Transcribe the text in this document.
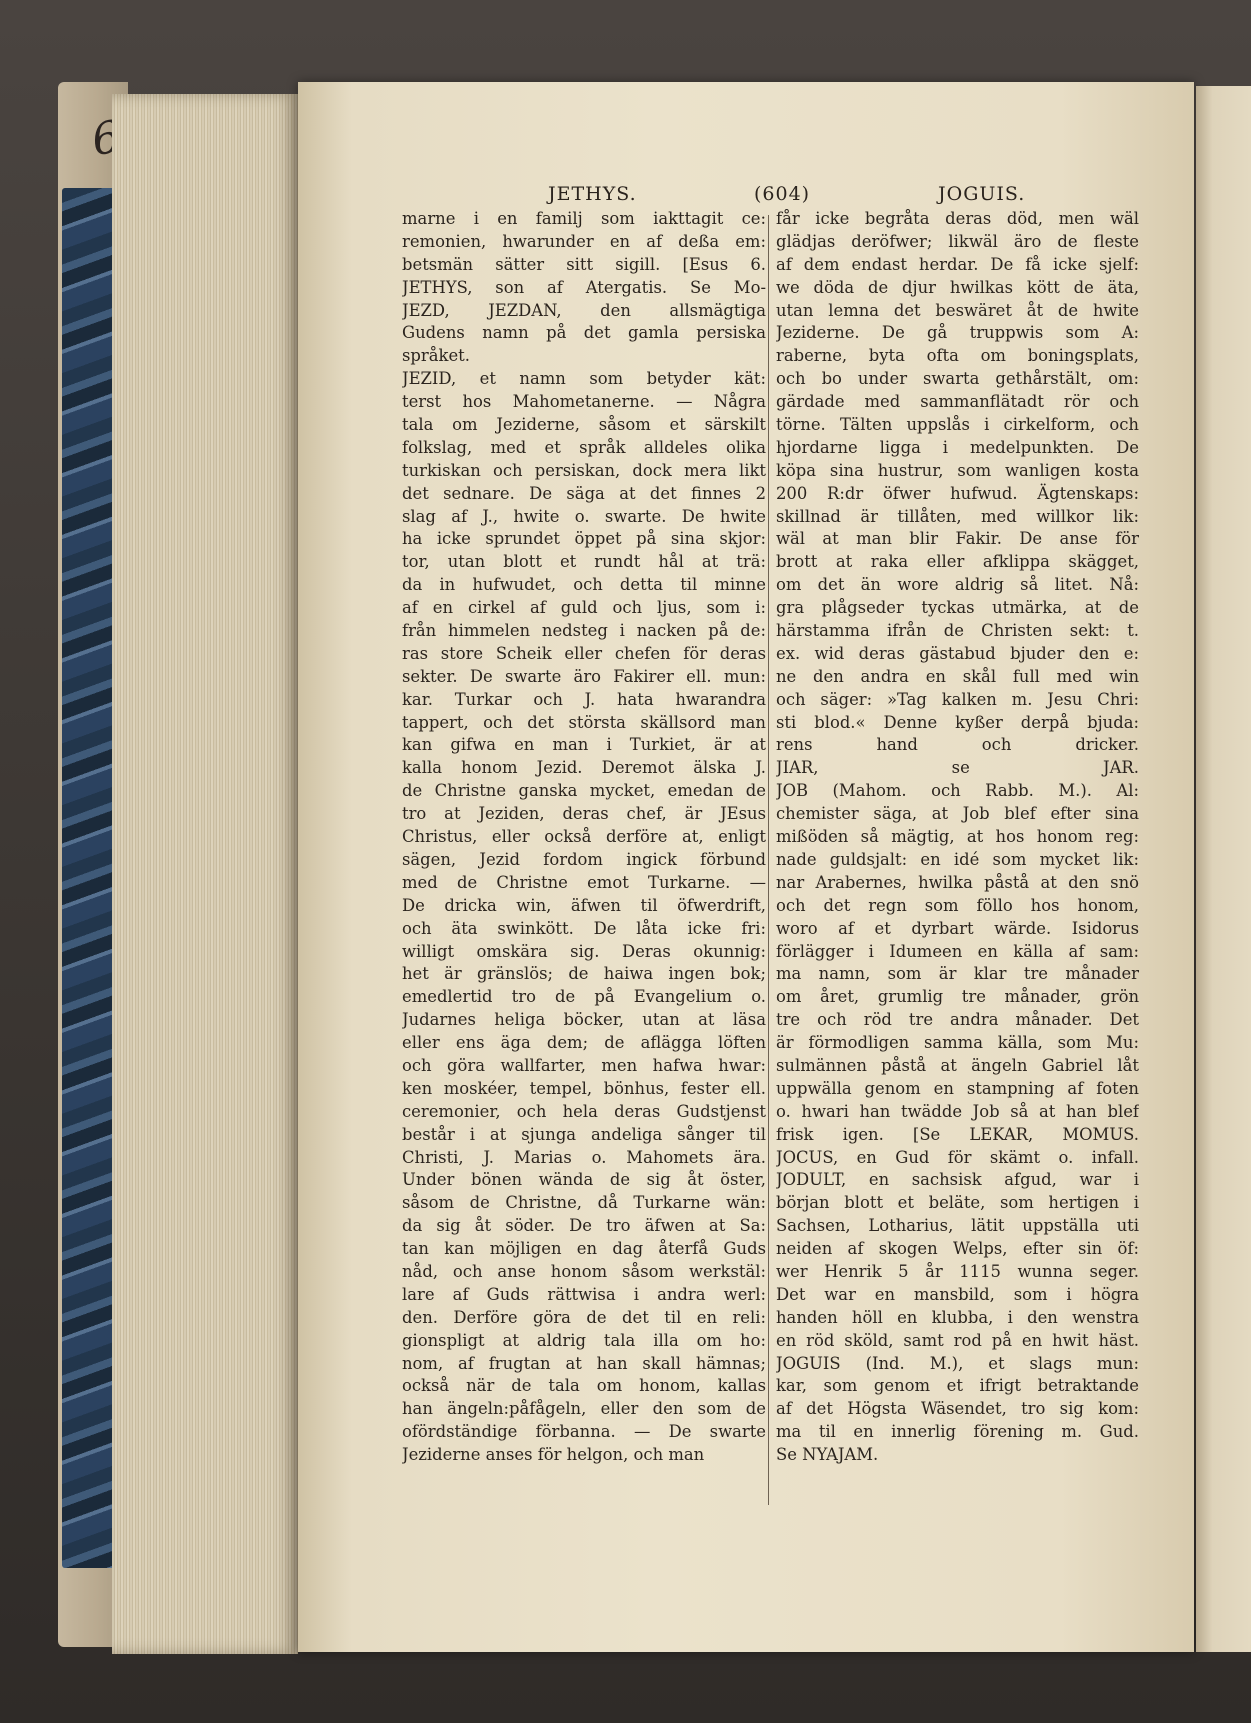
JETHYS.	(604)	JOGUIS.
marne i en familj som iakttagit ce:
remonien, hwarunder en af deßa em:
betsmän sätter sitt sigill. [Esus 6.
JETHYS, son af Atergatis. Se Mo-
JEZD, JEZDAN, den allsmägtiga
Gudens namn på det gamla persiska
språket.
JEZID, et namn som betyder kät:
terst hos Mahometanerne. — Några
tala om Jeziderne, såsom et särskilt
folkslag, med et språk alldeles olika
turkiskan och persiskan, dock mera likt
det sednare. De säga at det finnes 2
slag af J., hwite o. swarte. De hwite
ha icke sprundet öppet på sina skjor:
tor, utan blott et rundt hål at trä:
da in hufwudet, och detta til minne
af en cirkel af guld och ljus, som i:
från himmelen nedsteg i nacken på de:
ras store Scheik eller chefen för deras
sekter. De swarte äro Fakirer ell. mun:
kar. Turkar och J. hata hwarandra
tappert, och det största skällsord man
kan gifwa en man i Turkiet, är at
kalla honom Jezid. Deremot älska J.
de Christne ganska mycket, emedan de
tro at Jeziden, deras chef, är JEsus
Christus, eller också derföre at, enligt
sägen, Jezid fordom ingick förbund
med de Christne emot Turkarne. —
De dricka win, äfwen til öfwerdrift,
och äta swinkött. De låta icke fri:
willigt omskära sig. Deras okunnig:
het är gränslös; de haiwa ingen bok;
emedlertid tro de på Evangelium o.
Judarnes heliga böcker, utan at läsa
eller ens äga dem; de aflägga löften
och göra wallfarter, men hafwa hwar:
ken moskéer, tempel, bönhus, fester ell.
ceremonier, och hela deras Gudstjenst
består i at sjunga andeliga sånger til
Christi, J. Marias o. Mahomets ära.
Under bönen wända de sig åt öster,
såsom de Christne, då Turkarne wän:
da sig åt söder. De tro äfwen at Sa:
tan kan möjligen en dag återfå Guds
nåd, och anse honom såsom werkstäl:
lare af Guds rättwisa i andra werl:
den. Derföre göra de det til en reli:
gionspligt at aldrig tala illa om ho:
nom, af frugtan at han skall hämnas;
också när de tala om honom, kallas
han ängeln:påfågeln, eller den som de
ofördständige förbanna. — De swarte
Jeziderne anses för helgon, och man
får icke begråta deras död, men wäl
glädjas deröfwer; likwäl äro de fleste
af dem endast herdar. De få icke sjelf:
we döda de djur hwilkas kött de äta,
utan lemna det beswäret åt de hwite
Jeziderne. De gå truppwis som A:
raberne, byta ofta om boningsplats,
och bo under swarta gethårstält, om:
gärdade med sammanflätadt rör och
törne. Tälten uppslås i cirkelform, och
hjordarne ligga i medelpunkten. De
köpa sina hustrur, som wanligen kosta
200 R:dr öfwer hufwud. Ägtenskaps:
skillnad är tillåten, med willkor lik:
wäl at man blir Fakir. De anse för
brott at raka eller afklippa skägget,
om det än wore aldrig så litet. Nå:
gra plågseder tyckas utmärka, at de
härstamma ifrån de Christen sekt: t.
ex. wid deras gästabud bjuder den e:
ne den andra en skål full med win
och säger: »Tag kalken m. Jesu Chri:
sti blod.« Denne kyßer derpå bjuda:
rens hand och dricker.
JIAR, se JAR.
JOB (Mahom. och Rabb. M.). Al:
chemister säga, at Job blef efter sina
mißöden så mägtig, at hos honom reg:
nade guldsjalt: en idé som mycket lik:
nar Arabernes, hwilka påstå at den snö
och det regn som föllo hos honom,
woro af et dyrbart wärde. Isidorus
förlägger i Idumeen en källa af sam:
ma namn, som är klar tre månader
om året, grumlig tre månader, grön
tre och röd tre andra månader. Det
är förmodligen samma källa, som Mu:
sulmännen påstå at ängeln Gabriel låt
uppwälla genom en stampning af foten
o. hwari han twädde Job så at han blef
frisk igen. [Se LEKAR, MOMUS.
JOCUS, en Gud för skämt o. infall.
JODULT, en sachsisk afgud, war i
början blott et beläte, som hertigen i
Sachsen, Lotharius, lätit uppställa uti
neiden af skogen Welps, efter sin öf:
wer Henrik 5 år 1115 wunna seger.
Det war en mansbild, som i högra
handen höll en klubba, i den wenstra
en röd sköld, samt rod på en hwit häst.
JOGUIS (Ind. M.), et slags mun:
kar, som genom et ifrigt betraktande
af det Högsta Wäsendet, tro sig kom:
ma til en innerlig förening m. Gud.
Se NYAJAM.
